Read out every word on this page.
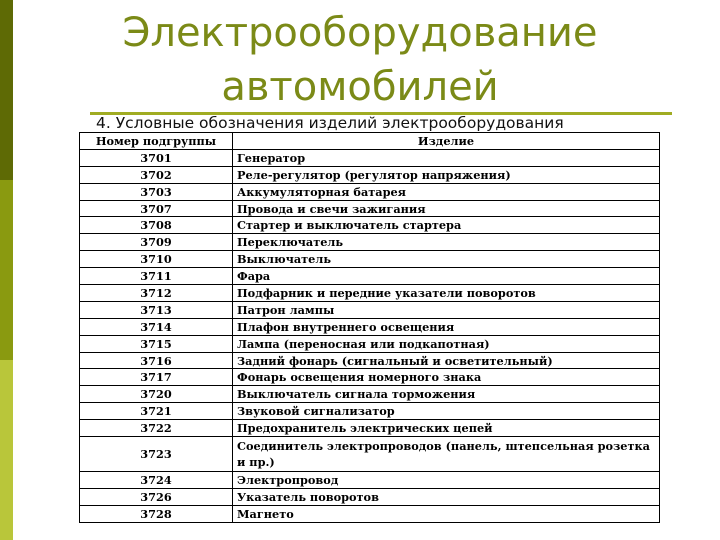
Электрооборудование
автомобилей
4. Условные обозначения изделий электрооборудования
Номер подгруппы	Изделие
3701	Генератор
3702	Реле-регулятор (регулятор напряжения)
3703	Аккумуляторная батарея
3707	Провода и свечи зажигания
3708	Стартер и выключатель стартера
3709	Переключатель
3710	Выключатель
3711	Фара
3712	Подфарник и передние указатели поворотов
3713	Патрон лампы
3714	Плафон внутреннего освещения
3715	Лампа (переносная или подкапотная)
3716	Задний фонарь (сигнальный и осветительный)
3717	Фонарь освещения номерного знака
3720	Выключатель сигнала торможения
3721	Звуковой сигнализатор
3722	Предохранитель электрических цепей
3723	Соединитель электропроводов (панель, штепсельная розетка и пр.)
3724	Электропровод
3726	Указатель поворотов
3728	Магнето
